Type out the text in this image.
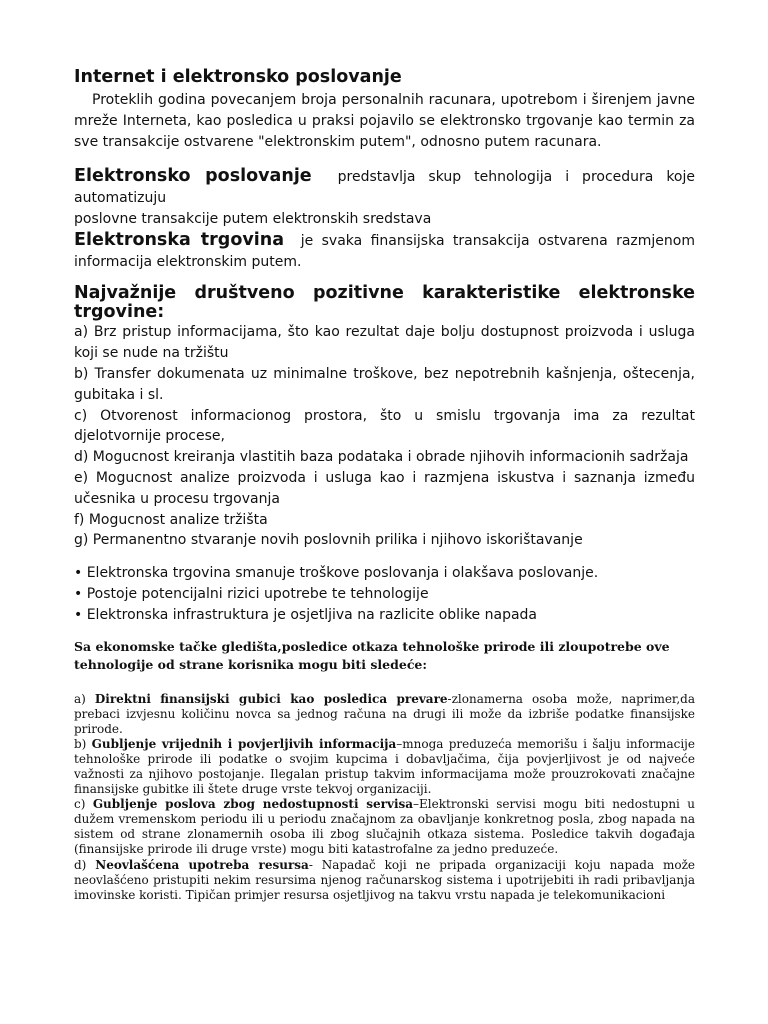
Internet i elektronsko poslovanje

Proteklih godina povecanjem broja personalnih racunara, upotrebom i širenjem javne mreže Interneta, kao posledica u praksi pojavilo se elektronsko trgovanje kao termin za sve transakcije ostvarene "elektronskim putem", odnosno putem racunara.

Elektronsko poslovanje predstavlja skup tehnologija i procedura koje

automatizuju

poslovne transakcije putem elektronskih sredstava

Elektronska trgovina je svaka finansijska transakcija ostvarena razmjenom

informacija elektronskim putem.

Najvažnije društveno pozitivne karakteristike elektronske trgovine:

a) Brz pristup informacijama, što kao rezultat daje bolju dostupnost proizvoda i usluga koji se nude na tržištu

b) Transfer dokumenata uz minimalne troškove, bez nepotrebnih kašnjenja, oštecenja, gubitaka i sl.

c) Otvorenost informacionog prostora, što u smislu trgovanja ima za rezultat djelotvornije procese,

d) Mogucnost kreiranja vlastitih baza podataka i obrade njihovih informacionih sadržaja

e) Mogucnost analize proizvoda i usluga kao i razmjena iskustva i saznanja između učesnika u procesu trgovanja

f) Mogucnost analize tržišta

g) Permanentno stvaranje novih poslovnih prilika i njihovo iskorištavanje

• Elektronska trgovina smanuje troškove poslovanja i olakšava poslovanje.

• Postoje potencijalni rizici upotrebe te tehnologije

• Elektronska infrastruktura je osjetljiva na razlicite oblike napada

Sa ekonomske tačke gledišta,posledice otkaza tehnološke prirode ili zloupotrebe ove tehnologije od strane korisnika mogu biti sledeće:

a) Direktni finansijski gubici kao posledica prevare-zlonamerna osoba može, naprimer,da prebaci izvjesnu količinu novca sa jednog računa na drugi ili može da izbriše podatke finansijske prirode.

b) Gubljenje vrijednih i povjerljivih informacija–mnoga preduzeća memorišu i šalju informacije tehnološke prirode ili podatke o svojim kupcima i dobavljačima, čija povjerljivost je od najveće važnosti za njihovo postojanje. Ilegalan pristup takvim informacijama može prouzrokovati značajne finansijske gubitke ili štete druge vrste tekvoj organizaciji.

c) Gubljenje poslova zbog nedostupnosti servisa–Elektronski servisi mogu biti nedostupni u dužem vremenskom periodu ili u periodu značajnom za obavljanje konkretnog posla, zbog napada na sistem od strane zlonamernih osoba ili zbog slučajnih otkaza sistema. Posledice takvih događaja (finansijske prirode ili druge vrste) mogu biti katastrofalne za jedno preduzeće.

d) Neovlašćena upotreba resursa- Napadač koji ne pripada organizaciji koju napada može neovlašćeno pristupiti nekim resursima njenog računarskog sistema i upotrijebiti ih radi pribavljanja imovinske koristi. Tipičan primjer resursa osjetljivog na takvu vrstu napada je telekomunikacioni
